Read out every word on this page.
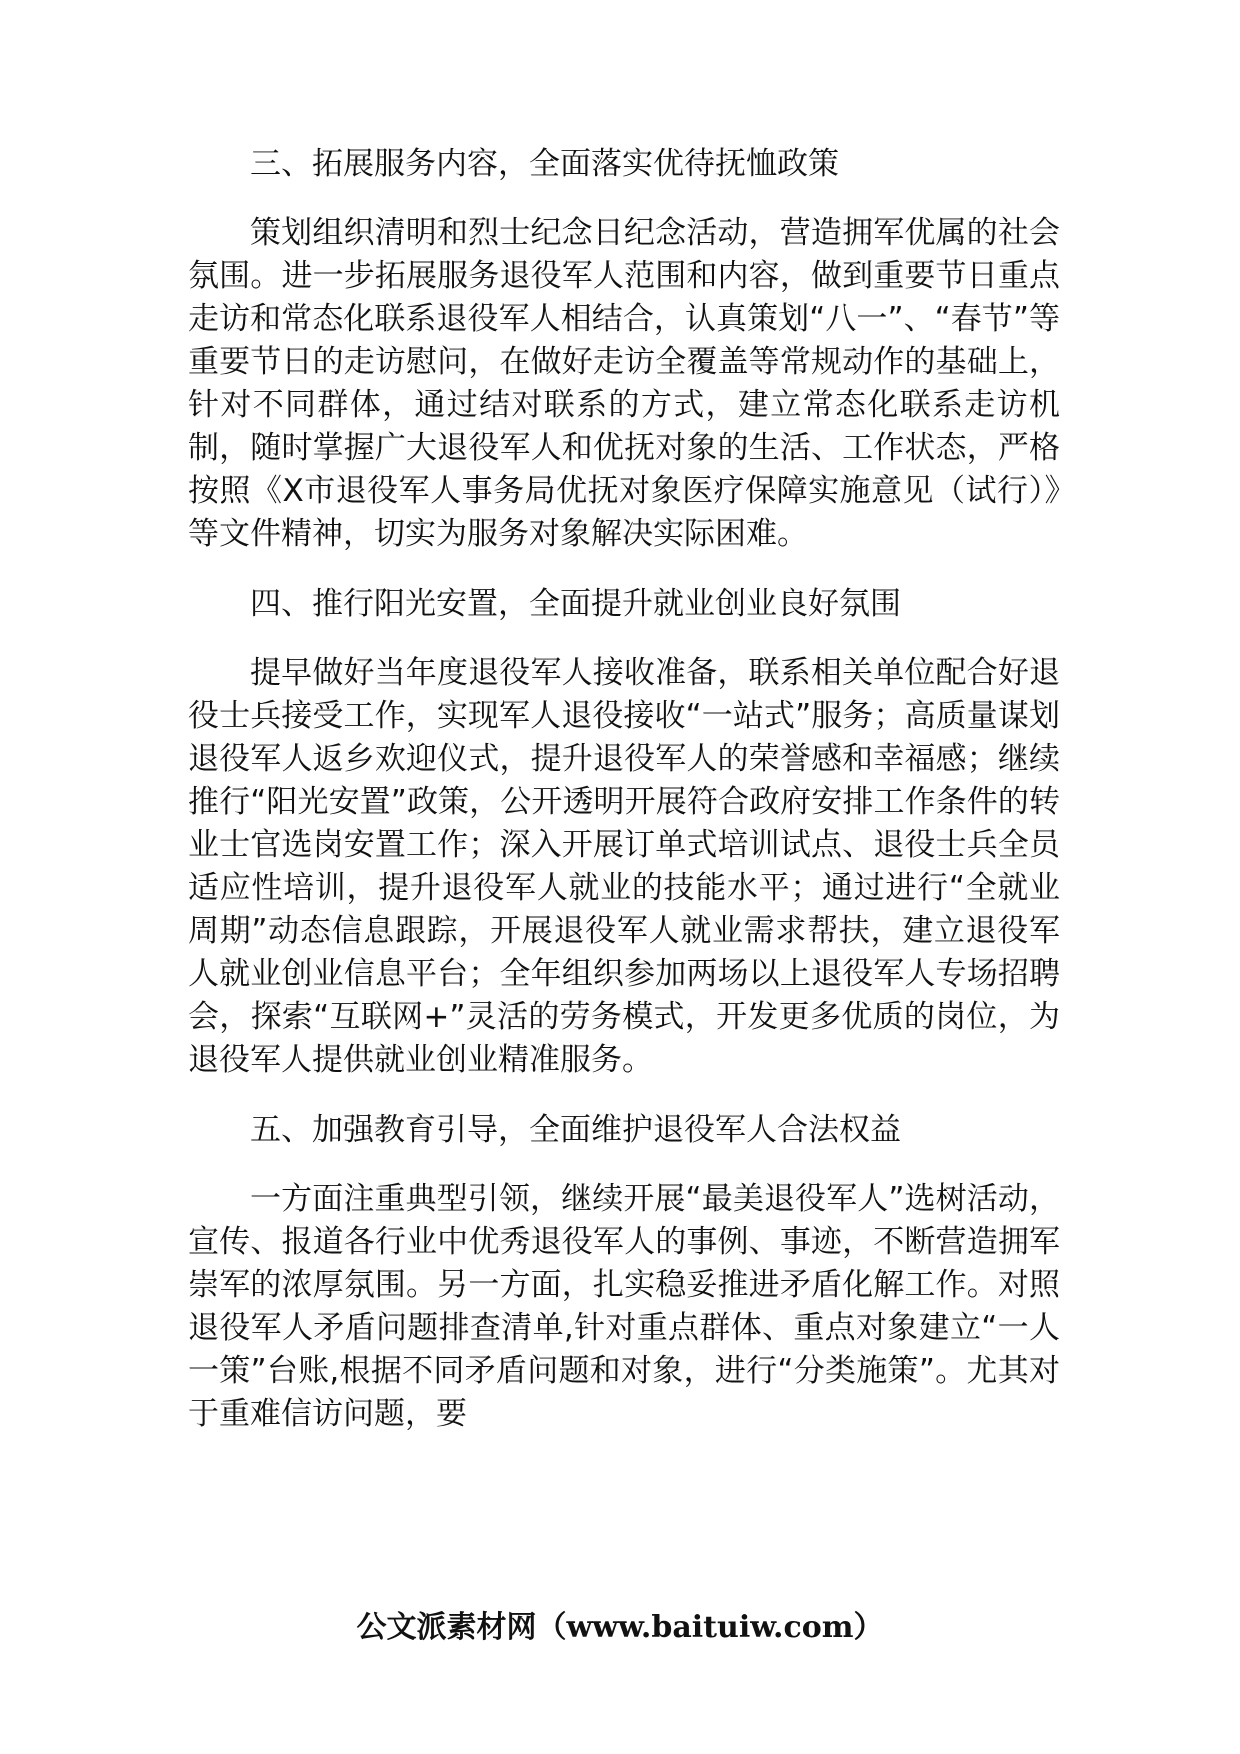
三、拓展服务内容，全面落实优待抚恤政策

策划组织清明和烈士纪念日纪念活动，营造拥军优属的社会氛围。进一步拓展服务退役军人范围和内容，做到重要节日重点走访和常态化联系退役军人相结合，认真策划“八一”、“春节”等重要节日的走访慰问，在做好走访全覆盖等常规动作的基础上，针对不同群体，通过结对联系的方式，建立常态化联系走访机制，随时掌握广大退役军人和优抚对象的生活、工作状态，严格按照《X市退役军人事务局优抚对象医疗保障实施意见（试行）》等文件精神，切实为服务对象解决实际困难。

四、推行阳光安置，全面提升就业创业良好氛围

提早做好当年度退役军人接收准备，联系相关单位配合好退役士兵接受工作，实现军人退役接收“一站式”服务；高质量谋划退役军人返乡欢迎仪式，提升退役军人的荣誉感和幸福感；继续推行“阳光安置”政策，公开透明开展符合政府安排工作条件的转业士官选岗安置工作；深入开展订单式培训试点、退役士兵全员适应性培训，提升退役军人就业的技能水平；通过进行“全就业周期”动态信息跟踪，开展退役军人就业需求帮扶，建立退役军人就业创业信息平台；全年组织参加两场以上退役军人专场招聘会，探索“互联网+”灵活的劳务模式，开发更多优质的岗位，为退役军人提供就业创业精准服务。

五、加强教育引导，全面维护退役军人合法权益

一方面注重典型引领，继续开展“最美退役军人”选树活动，宣传、报道各行业中优秀退役军人的事例、事迹，不断营造拥军崇军的浓厚氛围。另一方面，扎实稳妥推进矛盾化解工作。对照退役军人矛盾问题排查清单,针对重点群体、重点对象建立“一人一策”台账,根据不同矛盾问题和对象，进行“分类施策”。尤其对于重难信访问题，要

公文派素材网（www.baituiw.com）
